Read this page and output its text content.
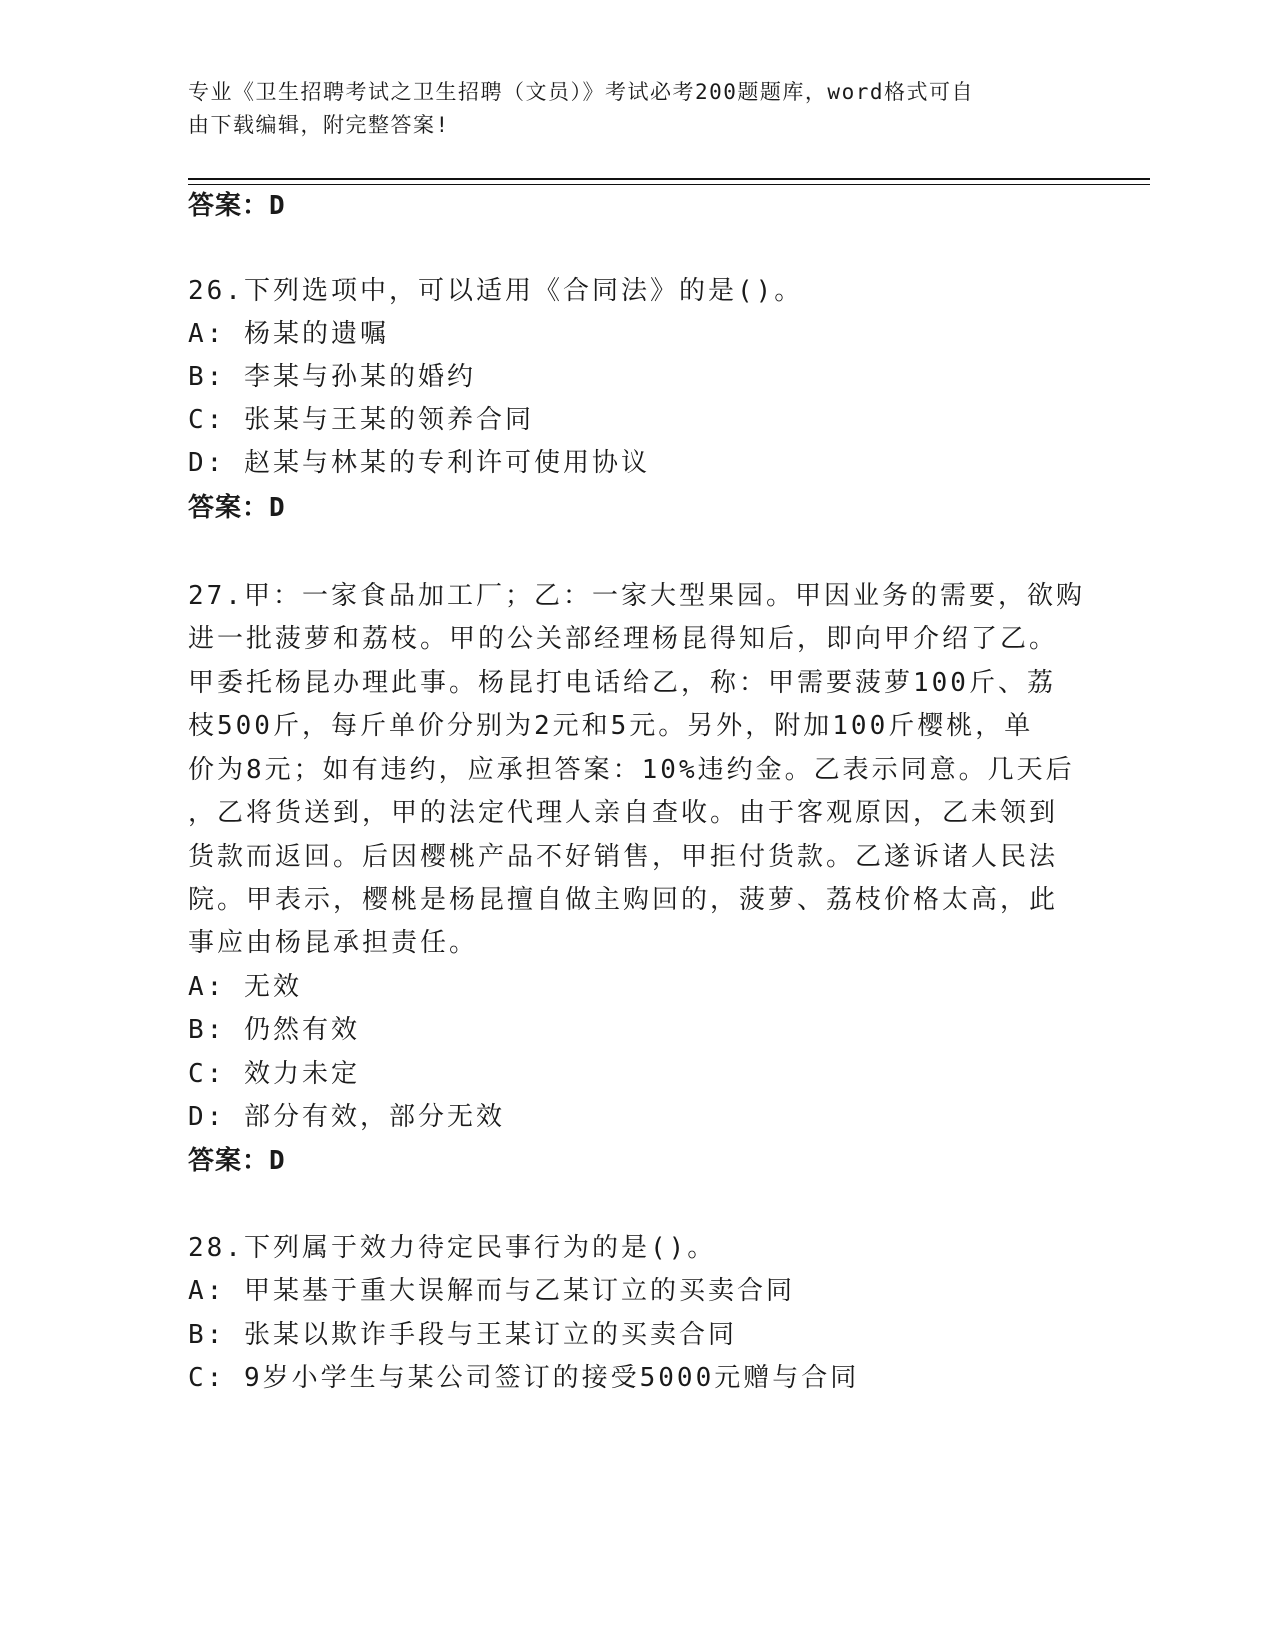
专业《卫生招聘考试之卫生招聘（文员）》考试必考200题题库，word格式可自
由下载编辑，附完整答案!
答案：D
26.下列选项中，可以适用《合同法》的是()。
A: 杨某的遗嘱
B: 李某与孙某的婚约
C: 张某与王某的领养合同
D: 赵某与林某的专利许可使用协议
答案：D
27.甲：一家食品加工厂；乙：一家大型果园。甲因业务的需要，欲购
进一批菠萝和荔枝。甲的公关部经理杨昆得知后，即向甲介绍了乙。
甲委托杨昆办理此事。杨昆打电话给乙，称：甲需要菠萝100斤、荔
枝500斤，每斤单价分别为2元和5元。另外，附加100斤樱桃，单
价为8元；如有违约，应承担答案：10%违约金。乙表示同意。几天后
，乙将货送到，甲的法定代理人亲自查收。由于客观原因，乙未领到
货款而返回。后因樱桃产品不好销售，甲拒付货款。乙遂诉诸人民法
院。甲表示，樱桃是杨昆擅自做主购回的，菠萝、荔枝价格太高，此
事应由杨昆承担责任。
A: 无效
B: 仍然有效
C: 效力未定
D: 部分有效，部分无效
答案：D
28.下列属于效力待定民事行为的是()。
A: 甲某基于重大误解而与乙某订立的买卖合同
B: 张某以欺诈手段与王某订立的买卖合同
C: 9岁小学生与某公司签订的接受5000元赠与合同
